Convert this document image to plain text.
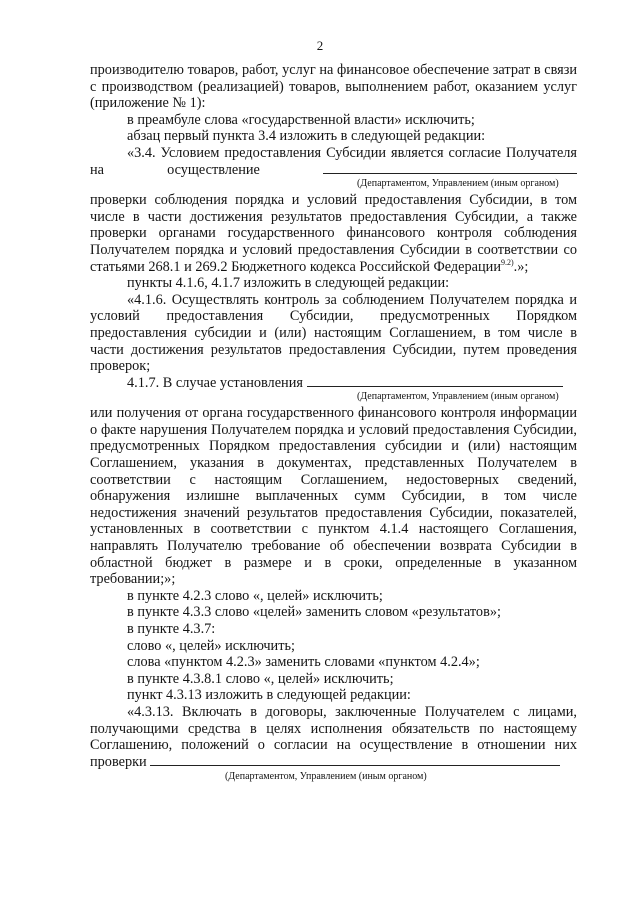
2

производителю товаров, работ, услуг на финансовое обеспечение затрат в связи с производством (реализацией) товаров, выполнением работ, оказанием услуг (приложение № 1):

в преамбуле слова «государственной власти» исключить;

абзац первый пункта 3.4 изложить в следующей редакции:

«3.4. Условием предоставления Субсидии является согласие Получателя на осуществление

(Департаментом, Управлением (иным органом)

проверки соблюдения порядка и условий предоставления Субсидии, в том числе в части достижения результатов предоставления Субсидии, а также проверки органами государственного финансового контроля соблюдения Получателем порядка и условий предоставления Субсидии в соответствии со статьями 268.1 и 269.2 Бюджетного кодекса Российской Федерации$^{9.2)}$.»;

пункты 4.1.6, 4.1.7 изложить в следующей редакции:

«4.1.6. Осуществлять контроль за соблюдением Получателем порядка и условий предоставления Субсидии, предусмотренных Порядком предоставления субсидии и (или) настоящим Соглашением, в том числе в части достижения результатов предоставления Субсидии, путем проведения проверок;

4.1.7. В случае установления

(Департаментом, Управлением (иным органом)

или получения от органа государственного финансового контроля информации о факте нарушения Получателем порядка и условий предоставления Субсидии, предусмотренных Порядком предоставления субсидии и (или) настоящим Соглашением, указания в документах, представленных Получателем в соответствии с настоящим Соглашением, недостоверных сведений, обнаружения излишне выплаченных сумм Субсидии, в том числе недостижения значений результатов предоставления Субсидии, показателей, установленных в соответствии с пунктом 4.1.4 настоящего Соглашения, направлять Получателю требование об обеспечении возврата Субсидии в областной бюджет в размере и в сроки, определенные в указанном требовании;»;

в пункте 4.2.3 слово «, целей» исключить;

в пункте 4.3.3 слово «целей» заменить словом «результатов»;

в пункте 4.3.7:

слово «, целей» исключить;

слова «пунктом 4.2.3» заменить словами «пунктом 4.2.4»;

в пункте 4.3.8.1 слово «, целей» исключить;

пункт 4.3.13 изложить в следующей редакции:

«4.3.13. Включать в договоры, заключенные Получателем с лицами, получающими средства в целях исполнения обязательств по настоящему Соглашению, положений о согласии на осуществление в отношении них проверки

(Департаментом, Управлением (иным органом)
